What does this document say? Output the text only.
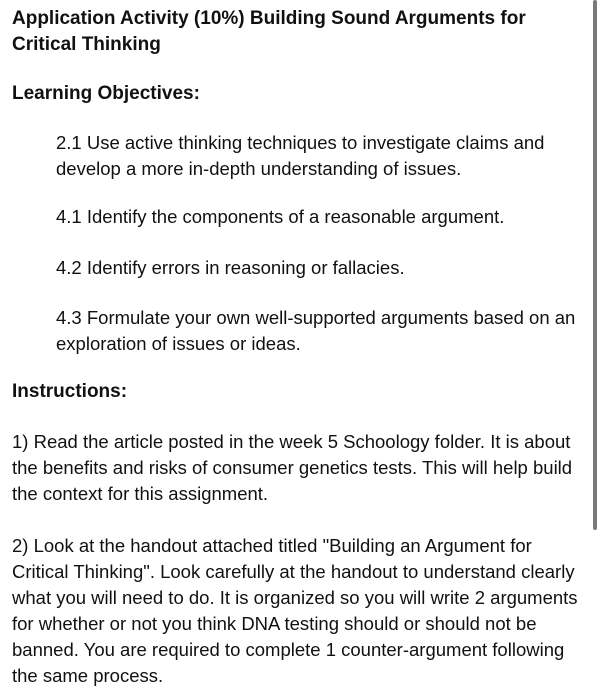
Application Activity (10%) Building Sound Arguments for Critical Thinking
Learning Objectives:

2.1 Use active thinking techniques to investigate claims and develop a more in-depth understanding of issues.

4.1 Identify the components of a reasonable argument.

4.2 Identify errors in reasoning or fallacies.

4.3 Formulate your own well-supported arguments based on an exploration of issues or ideas.

Instructions:

1) Read the article posted in the week 5 Schoology folder. It is about the benefits and risks of consumer genetics tests. This will help build the context for this assignment.

2) Look at the handout attached titled "Building an Argument for Critical Thinking". Look carefully at the handout to understand clearly what you will need to do. It is organized so you will write 2 arguments for whether or not you think DNA testing should or should not be banned. You are required to complete 1 counter-argument following the same process.
